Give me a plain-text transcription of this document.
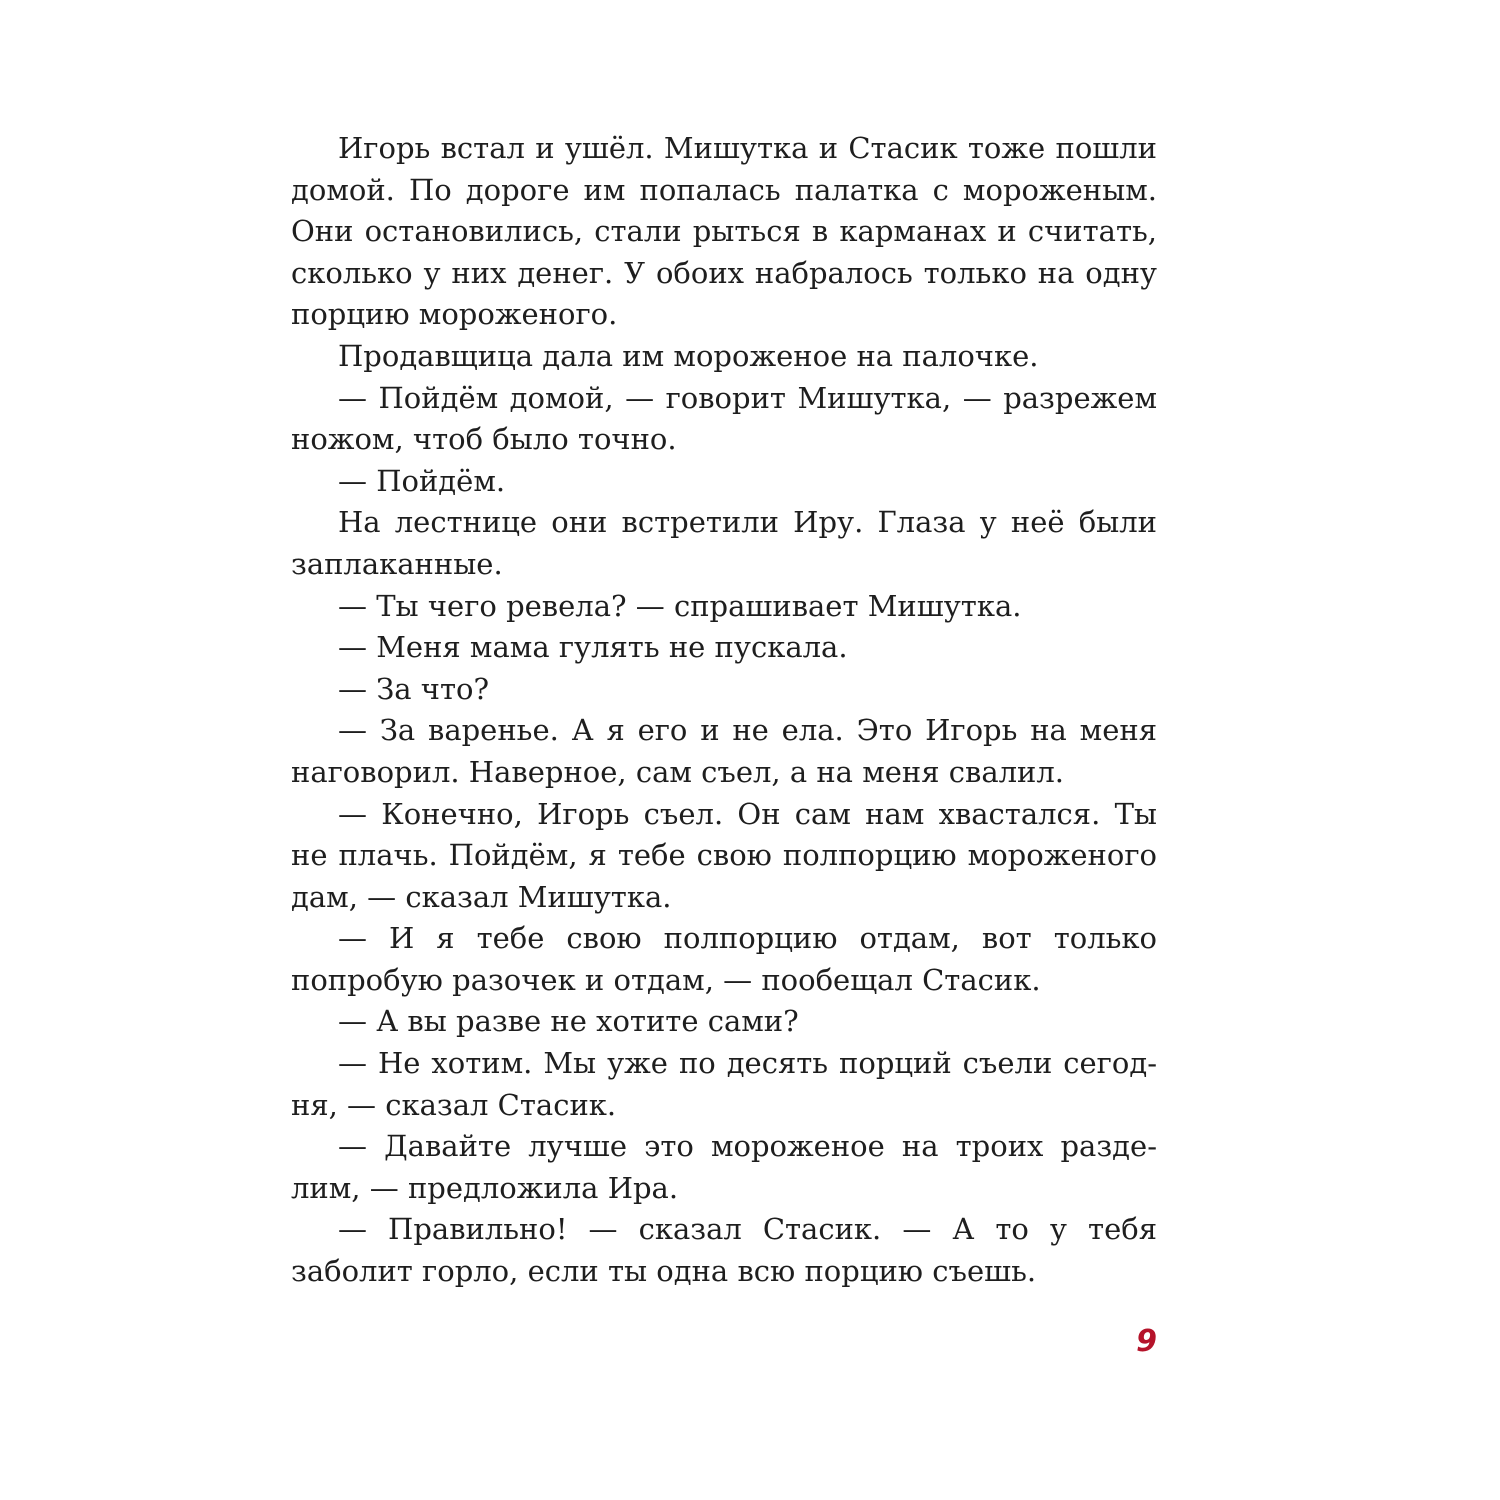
Игорь встал и ушёл. Мишутка и Стасик тоже пошли домой. По дороге им попалась палатка с мороженым. Они остановились, стали рыться в карманах и считать, сколько у них денег. У обоих набралось только на одну порцию мороженого.

Продавщица дала им мороженое на палочке.

— Пойдём домой, — говорит Мишутка, — разрежем ножом, чтоб было точно.

— Пойдём.

На лестнице они встретили Иру. Глаза у неё были заплаканные.

— Ты чего ревела? — спрашивает Мишутка.

— Меня мама гулять не пускала.

— За что?

— За варенье. А я его и не ела. Это Игорь на меня наговорил. Наверное, сам съел, а на меня свалил.

— Конечно, Игорь съел. Он сам нам хвастался. Ты не плачь. Пойдём, я тебе свою полпорцию мороженого дам, — сказал Мишутка.

— И я тебе свою полпорцию отдам, вот только попробую разочек и отдам, — пообещал Стасик.

— А вы разве не хотите сами?

— Не хотим. Мы уже по десять порций съели сегодня, — сказал Стасик.

— Давайте лучше это мороженое на троих разделим, — предложила Ира.

— Правильно! — сказал Стасик. — А то у тебя заболит горло, если ты одна всю порцию съешь.

9
